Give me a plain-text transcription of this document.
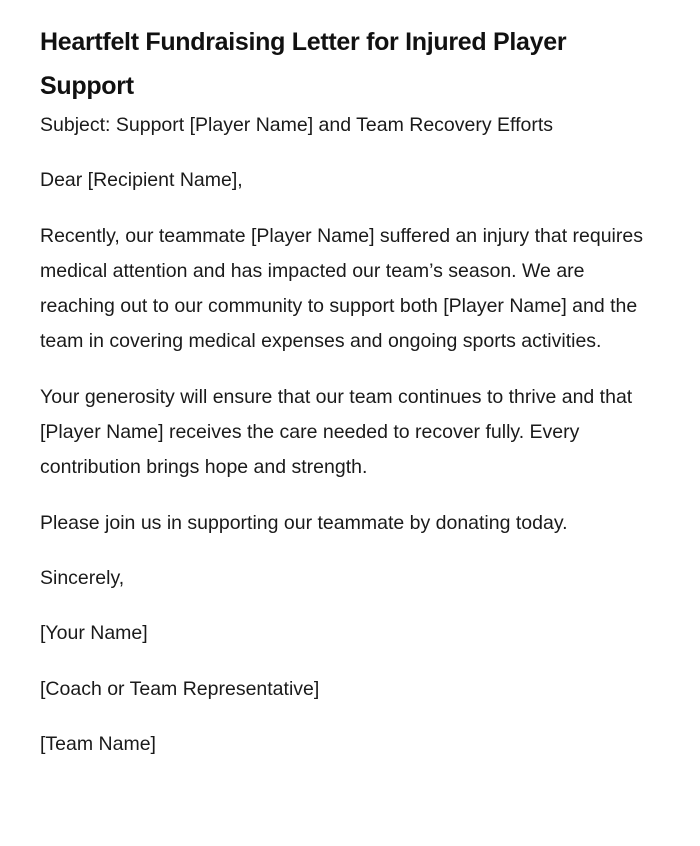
Heartfelt Fundraising Letter for Injured Player Support

Subject: Support [Player Name] and Team Recovery Efforts

Dear [Recipient Name],

Recently, our teammate [Player Name] suffered an injury that requires medical attention and has impacted our team’s season. We are reaching out to our community to support both [Player Name] and the team in covering medical expenses and ongoing sports activities.

Your generosity will ensure that our team continues to thrive and that [Player Name] receives the care needed to recover fully. Every contribution brings hope and strength.

Please join us in supporting our teammate by donating today.

Sincerely,

[Your Name]

[Coach or Team Representative]

[Team Name]
